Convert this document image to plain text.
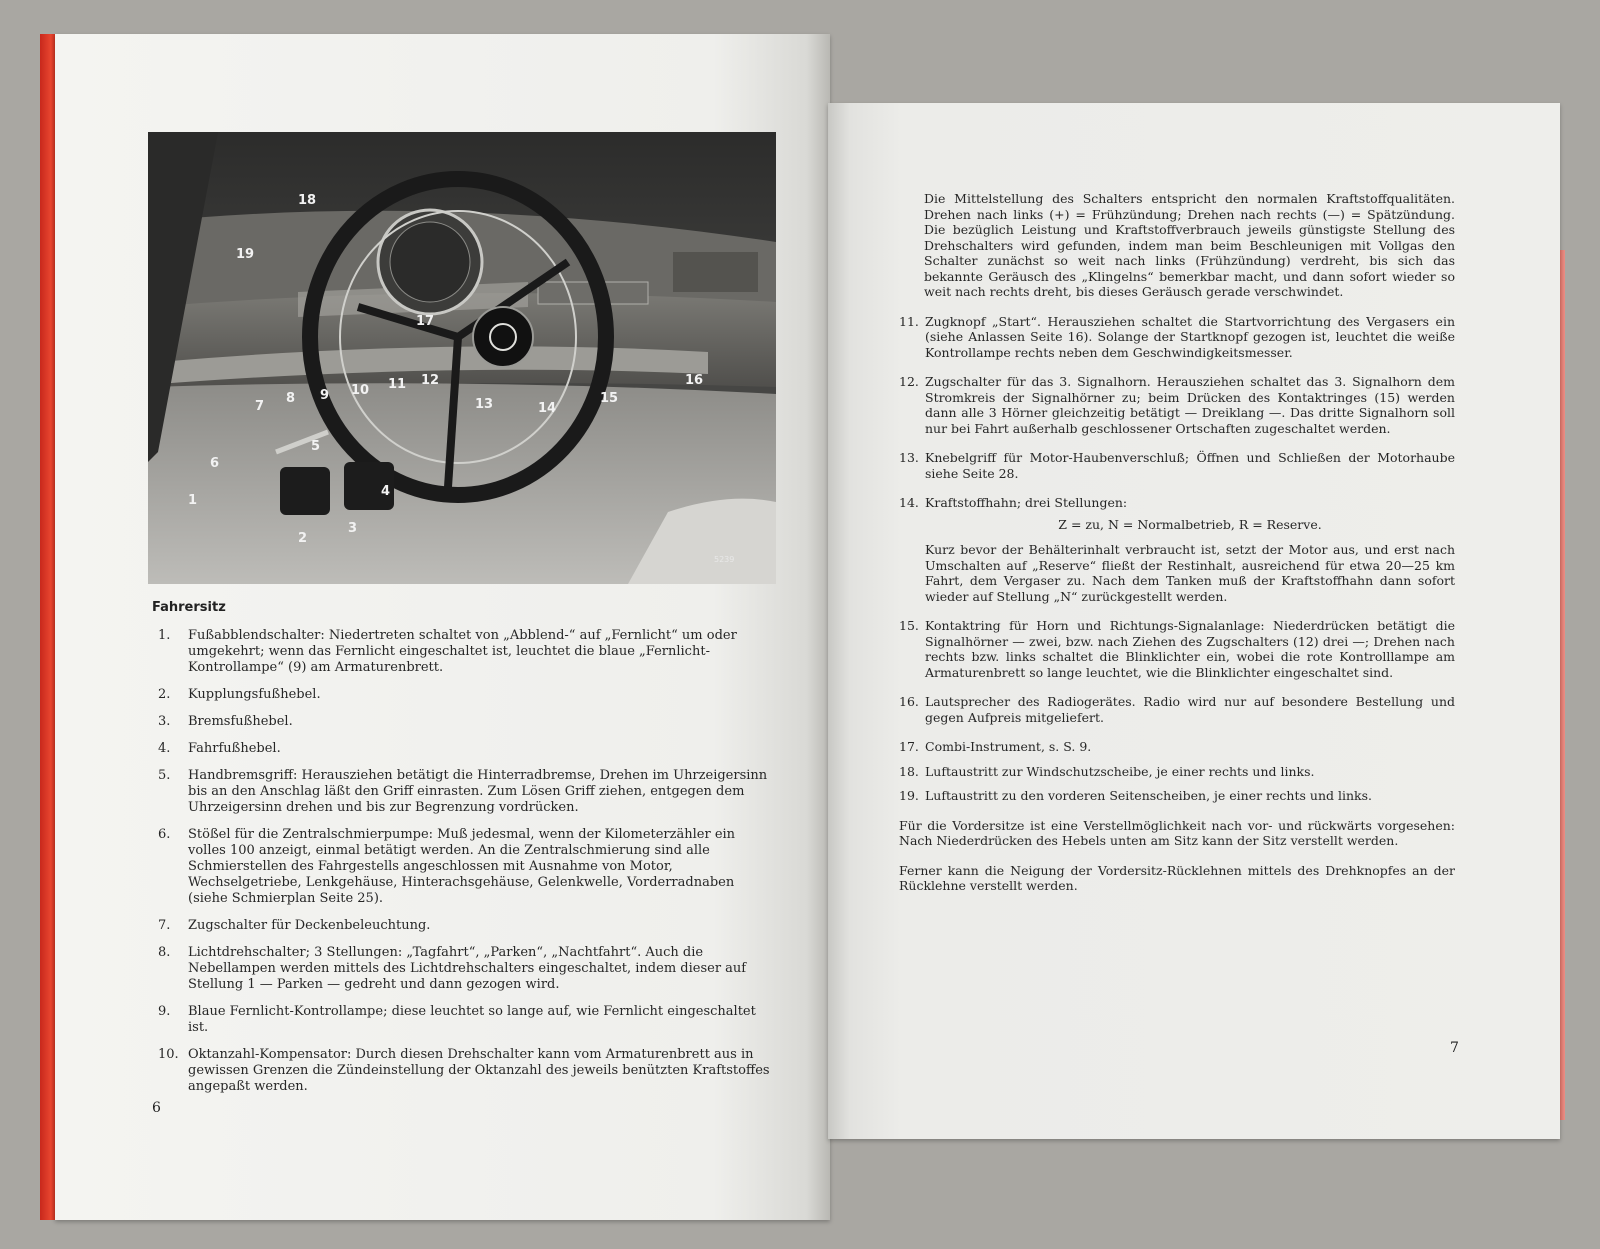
1
2
3
4
5
6
7
8 9 10 11 12
13	14
15
16
17
18
19
5239
Fahrersitz
1. Fußabblendschalter: Niedertreten schaltet von „Abblend-“ auf „Fernlicht“ um oder umgekehrt; wenn das Fernlicht eingeschaltet ist, leuchtet die blaue „Fernlicht-Kontrollampe“ (9) am Armaturenbrett.
2. Kupplungsfußhebel.
3. Bremsfußhebel.
4. Fahrfußhebel.
5. Handbremsgriff: Herausziehen betätigt die Hinterradbremse, Drehen im Uhrzeigersinn bis an den Anschlag läßt den Griff einrasten. Zum Lösen Griff ziehen, entgegen dem Uhrzeigersinn drehen und bis zur Begrenzung vordrücken.
6. Stößel für die Zentralschmierpumpe: Muß jedesmal, wenn der Kilometerzähler ein volles 100 anzeigt, einmal betätigt werden. An die Zentralschmierung sind alle Schmierstellen des Fahrgestells angeschlossen mit Ausnahme von Motor, Wechselgetriebe, Lenkgehäuse, Hinterachsgehäuse, Gelenkwelle, Vorderradnaben (siehe Schmierplan Seite 25).
7. Zugschalter für Deckenbeleuchtung.
8. Lichtdrehschalter; 3 Stellungen: „Tagfahrt“, „Parken“, „Nachtfahrt“. Auch die Nebellampen werden mittels des Lichtdrehschalters eingeschaltet, indem dieser auf Stellung 1 — Parken — gedreht und dann gezogen wird.
9. Blaue Fernlicht-Kontrollampe; diese leuchtet so lange auf, wie Fernlicht eingeschaltet ist.
10. Oktanzahl-Kompensator: Durch diesen Drehschalter kann vom Armaturenbrett aus in gewissen Grenzen die Zündeinstellung der Oktanzahl des jeweils benützten Kraftstoffes angepaßt werden.
6
Die Mittelstellung des Schalters entspricht den normalen Kraftstoffqualitäten. Drehen nach links (+) = Frühzündung; Drehen nach rechts (—) = Spätzündung. Die bezüglich Leistung und Kraftstoffverbrauch jeweils günstigste Stellung des Drehschalters wird gefunden, indem man beim Beschleunigen mit Vollgas den Schalter zunächst so weit nach links (Frühzündung) verdreht, bis sich das bekannte Geräusch des „Klingelns“ bemerkbar macht, und dann sofort wieder so weit nach rechts dreht, bis dieses Geräusch gerade verschwindet.
11. Zugknopf „Start“. Herausziehen schaltet die Startvorrichtung des Vergasers ein (siehe Anlassen Seite 16). Solange der Startknopf gezogen ist, leuchtet die weiße Kontrollampe rechts neben dem Geschwindigkeitsmesser.
12. Zugschalter für das 3. Signalhorn. Herausziehen schaltet das 3. Signalhorn dem Stromkreis der Signalhörner zu; beim Drücken des Kontaktringes (15) werden dann alle 3 Hörner gleichzeitig betätigt — Dreiklang —. Das dritte Signalhorn soll nur bei Fahrt außerhalb geschlossener Ortschaften zugeschaltet werden.
13. Knebelgriff für Motor-Haubenverschluß; Öffnen und Schließen der Motorhaube siehe Seite 28.
14. Kraftstoffhahn; drei Stellungen:
Z = zu, N = Normalbetrieb, R = Reserve.
Kurz bevor der Behälterinhalt verbraucht ist, setzt der Motor aus, und erst nach Umschalten auf „Reserve“ fließt der Restinhalt, ausreichend für etwa 20—25 km Fahrt, dem Vergaser zu. Nach dem Tanken muß der Kraftstoffhahn dann sofort wieder auf Stellung „N“ zurückgestellt werden.
15. Kontaktring für Horn und Richtungs-Signalanlage: Niederdrücken betätigt die Signalhörner — zwei, bzw. nach Ziehen des Zugschalters (12) drei —; Drehen nach rechts bzw. links schaltet die Blinklichter ein, wobei die rote Kontrolllampe am Armaturenbrett so lange leuchtet, wie die Blinklichter eingeschaltet sind.
16. Lautsprecher des Radiogerätes. Radio wird nur auf besondere Bestellung und gegen Aufpreis mitgeliefert.
17. Combi-Instrument, s. S. 9.
18. Luftaustritt zur Windschutzscheibe, je einer rechts und links.
19. Luftaustritt zu den vorderen Seitenscheiben, je einer rechts und links.
Für die Vordersitze ist eine Verstellmöglichkeit nach vor- und rückwärts vorgesehen: Nach Niederdrücken des Hebels unten am Sitz kann der Sitz verstellt werden.
Ferner kann die Neigung der Vordersitz-Rücklehnen mittels des Drehknopfes an der Rücklehne verstellt werden.
7
